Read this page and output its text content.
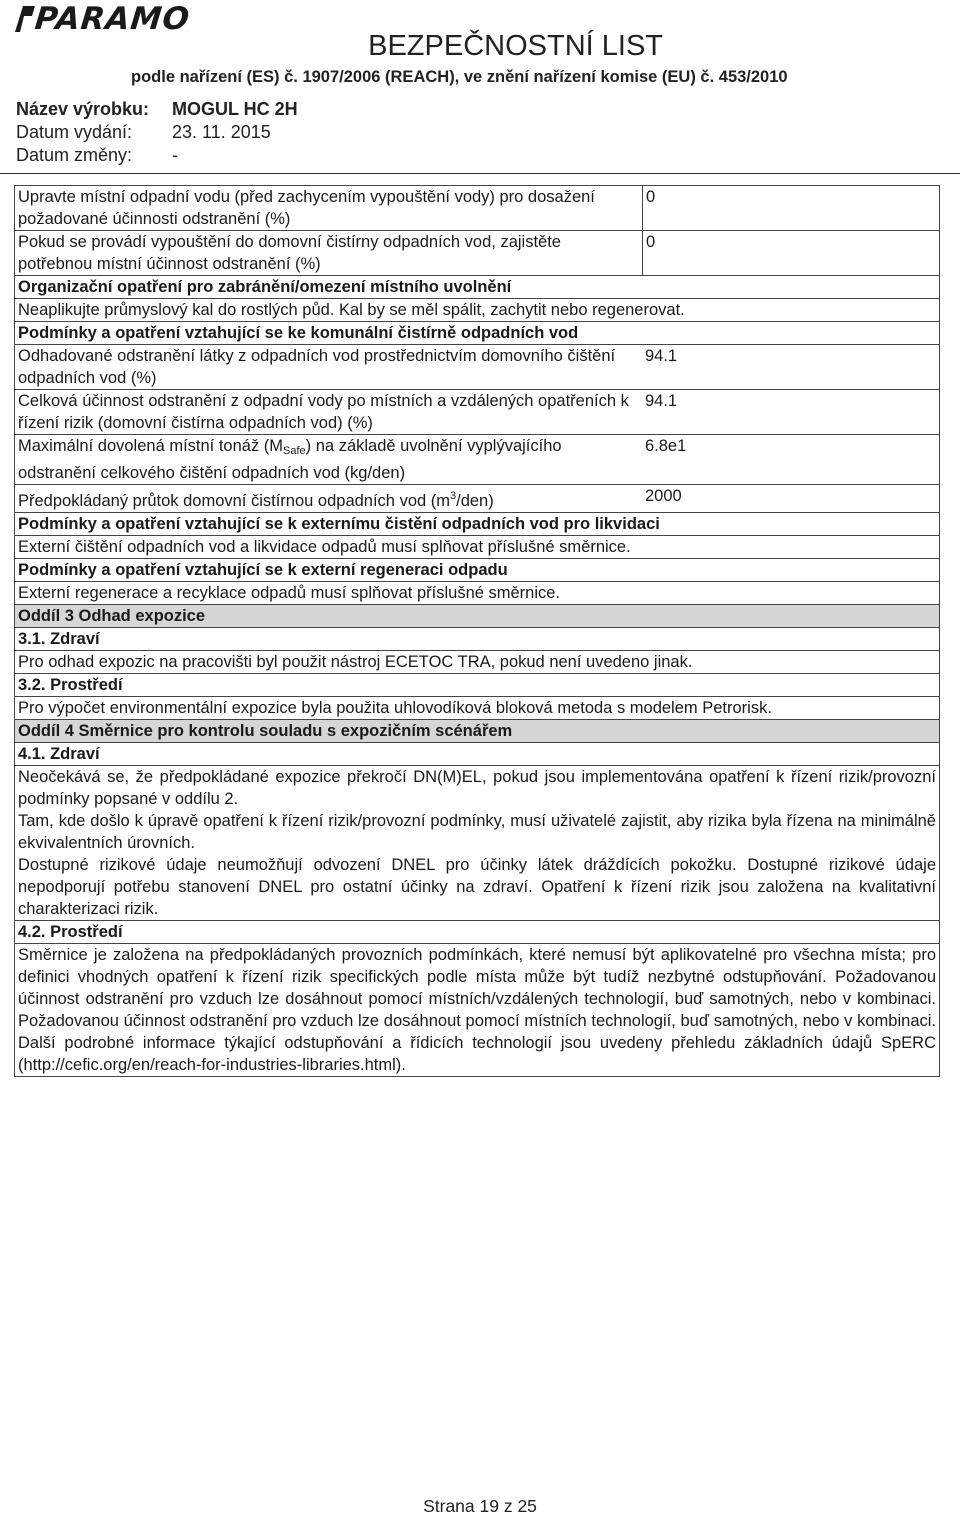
PARAMO
BEZPEČNOSTNÍ LIST
podle nařízení (ES) č. 1907/2006 (REACH), ve znění nařízení komise (EU) č. 453/2010
Název výrobku: MOGUL HC 2H
Datum vydání: 23. 11. 2015
Datum změny: -
Upravte místní odpadní vodu (před zachycením vypouštění vody) pro dosažení požadované účinnosti odstranění (%)
0
Pokud se provádí vypouštění do domovní čistírny odpadních vod, zajistěte potřebnou místní účinnost odstranění (%)
0
Organizační opatření pro zabránění/omezení místního uvolnění
Neaplikujte průmyslový kal do rostlých půd. Kal by se měl spálit, zachytit nebo regenerovat.
Podmínky a opatření vztahující se ke komunální čistírně odpadních vod
Odhadované odstranění látky z odpadních vod prostřednictvím domovního čištění odpadních vod (%)
94.1
Celková účinnost odstranění z odpadní vody po místních a vzdálených opatřeních k řízení rizik (domovní čistírna odpadních vod) (%)
94.1
Maximální dovolená místní tonáž $(M_{Safe})$ na základě uvolnění vyplývajícího odstranění celkového čištění odpadních vod (kg/den)
6.8e1
Předpokládaný průtok domovní čistírnou odpadních vod $(m^3/den)$	2000
Podmínky a opatření vztahující se k externímu čistění odpadních vod pro likvidaci
Externí čištění odpadních vod a likvidace odpadů musí splňovat příslušné směrnice.
Podmínky a opatření vztahující se k externí regeneraci odpadu
Externí regenerace a recyklace odpadů musí splňovat příslušné směrnice.
Oddíl 3 Odhad expozice
3.1. Zdraví
Pro odhad expozic na pracovišti byl použit nástroj ECETOC TRA, pokud není uvedeno jinak.
3.2. Prostředí
Pro výpočet environmentální expozice byla použita uhlovodíková bloková metoda s modelem Petrorisk.
Oddíl 4 Směrnice pro kontrolu souladu s expozičním scénářem
4.1. Zdraví
Neočekává se, že předpokládané expozice překročí DN(M)EL, pokud jsou implementována opatření k řízení rizik/provozní podmínky popsané v oddílu 2.
Tam, kde došlo k úpravě opatření k řízení rizik/provozní podmínky, musí uživatelé zajistit, aby rizika byla řízena na minimálně ekvivalentních úrovních.
Dostupné rizikové údaje neumožňují odvození DNEL pro účinky látek dráždících pokožku. Dostupné rizikové údaje nepodporují potřebu stanovení DNEL pro ostatní účinky na zdraví. Opatření k řízení rizik jsou založena na kvalitativní charakterizaci rizik.
4.2. Prostředí
Směrnice je založena na předpokládaných provozních podmínkách, které nemusí být aplikovatelné pro všechna místa; pro definici vhodných opatření k řízení rizik specifických podle místa může být tudíž nezbytné odstupňování. Požadovanou účinnost odstranění pro vzduch lze dosáhnout pomocí místních/vzdálených technologií, buď samotných, nebo v kombinaci. Požadovanou účinnost odstranění pro vzduch lze dosáhnout pomocí místních technologií, buď samotných, nebo v kombinaci. Další podrobné informace týkající odstupňování a řídicích technologií jsou uvedeny přehledu základních údajů SpERC (http://cefic.org/en/reach-for-industries-libraries.html).
Strana 19 z 25
